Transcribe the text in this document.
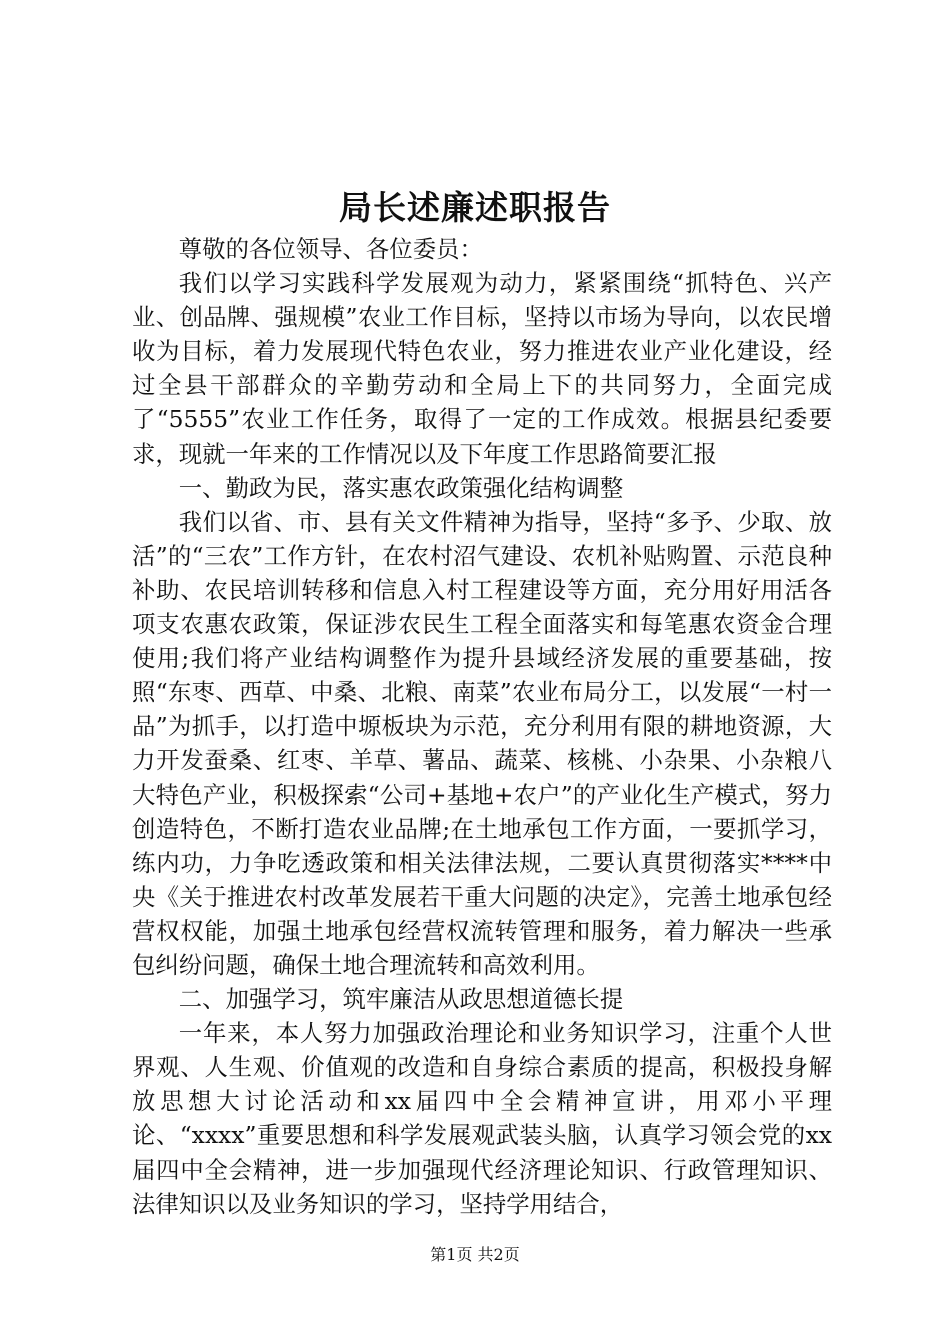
局长述廉述职报告

尊敬的各位领导、各位委员：

我们以学习实践科学发展观为动力，紧紧围绕“抓特色、兴产业、创品牌、强规模”农业工作目标，坚持以市场为导向，以农民增收为目标，着力发展现代特色农业，努力推进农业产业化建设，经过全县干部群众的辛勤劳动和全局上下的共同努力，全面完成了“5555”农业工作任务，取得了一定的工作成效。根据县纪委要求，现就一年来的工作情况以及下年度工作思路简要汇报

一、勤政为民，落实惠农政策强化结构调整

我们以省、市、县有关文件精神为指导，坚持“多予、少取、放活”的“三农”工作方针，在农村沼气建设、农机补贴购置、示范良种补助、农民培训转移和信息入村工程建设等方面，充分用好用活各项支农惠农政策，保证涉农民生工程全面落实和每笔惠农资金合理使用;我们将产业结构调整作为提升县域经济发展的重要基础，按照“东枣、西草、中桑、北粮、南菜”农业布局分工，以发展“一村一品”为抓手，以打造中塬板块为示范，充分利用有限的耕地资源，大力开发蚕桑、红枣、羊草、薯品、蔬菜、核桃、小杂果、小杂粮八大特色产业，积极探索“公司+基地+农户”的产业化生产模式，努力创造特色，不断打造农业品牌;在土地承包工作方面，一要抓学习，练内功，力争吃透政策和相关法律法规，二要认真贯彻落实****中央《关于推进农村改革发展若干重大问题的决定》，完善土地承包经营权权能，加强土地承包经营权流转管理和服务，着力解决一些承包纠纷问题，确保土地合理流转和高效利用。

二、加强学习，筑牢廉洁从政思想道德长提

一年来，本人努力加强政治理论和业务知识学习，注重个人世界观、人生观、价值观的改造和自身综合素质的提高，积极投身解放思想大讨论活动和xx届四中全会精神宣讲，用邓小平理论、“xxxx”重要思想和科学发展观武装头脑，认真学习领会党的xx届四中全会精神，进一步加强现代经济理论知识、行政管理知识、法律知识以及业务知识的学习，坚持学用结合，

第1页 共2页
